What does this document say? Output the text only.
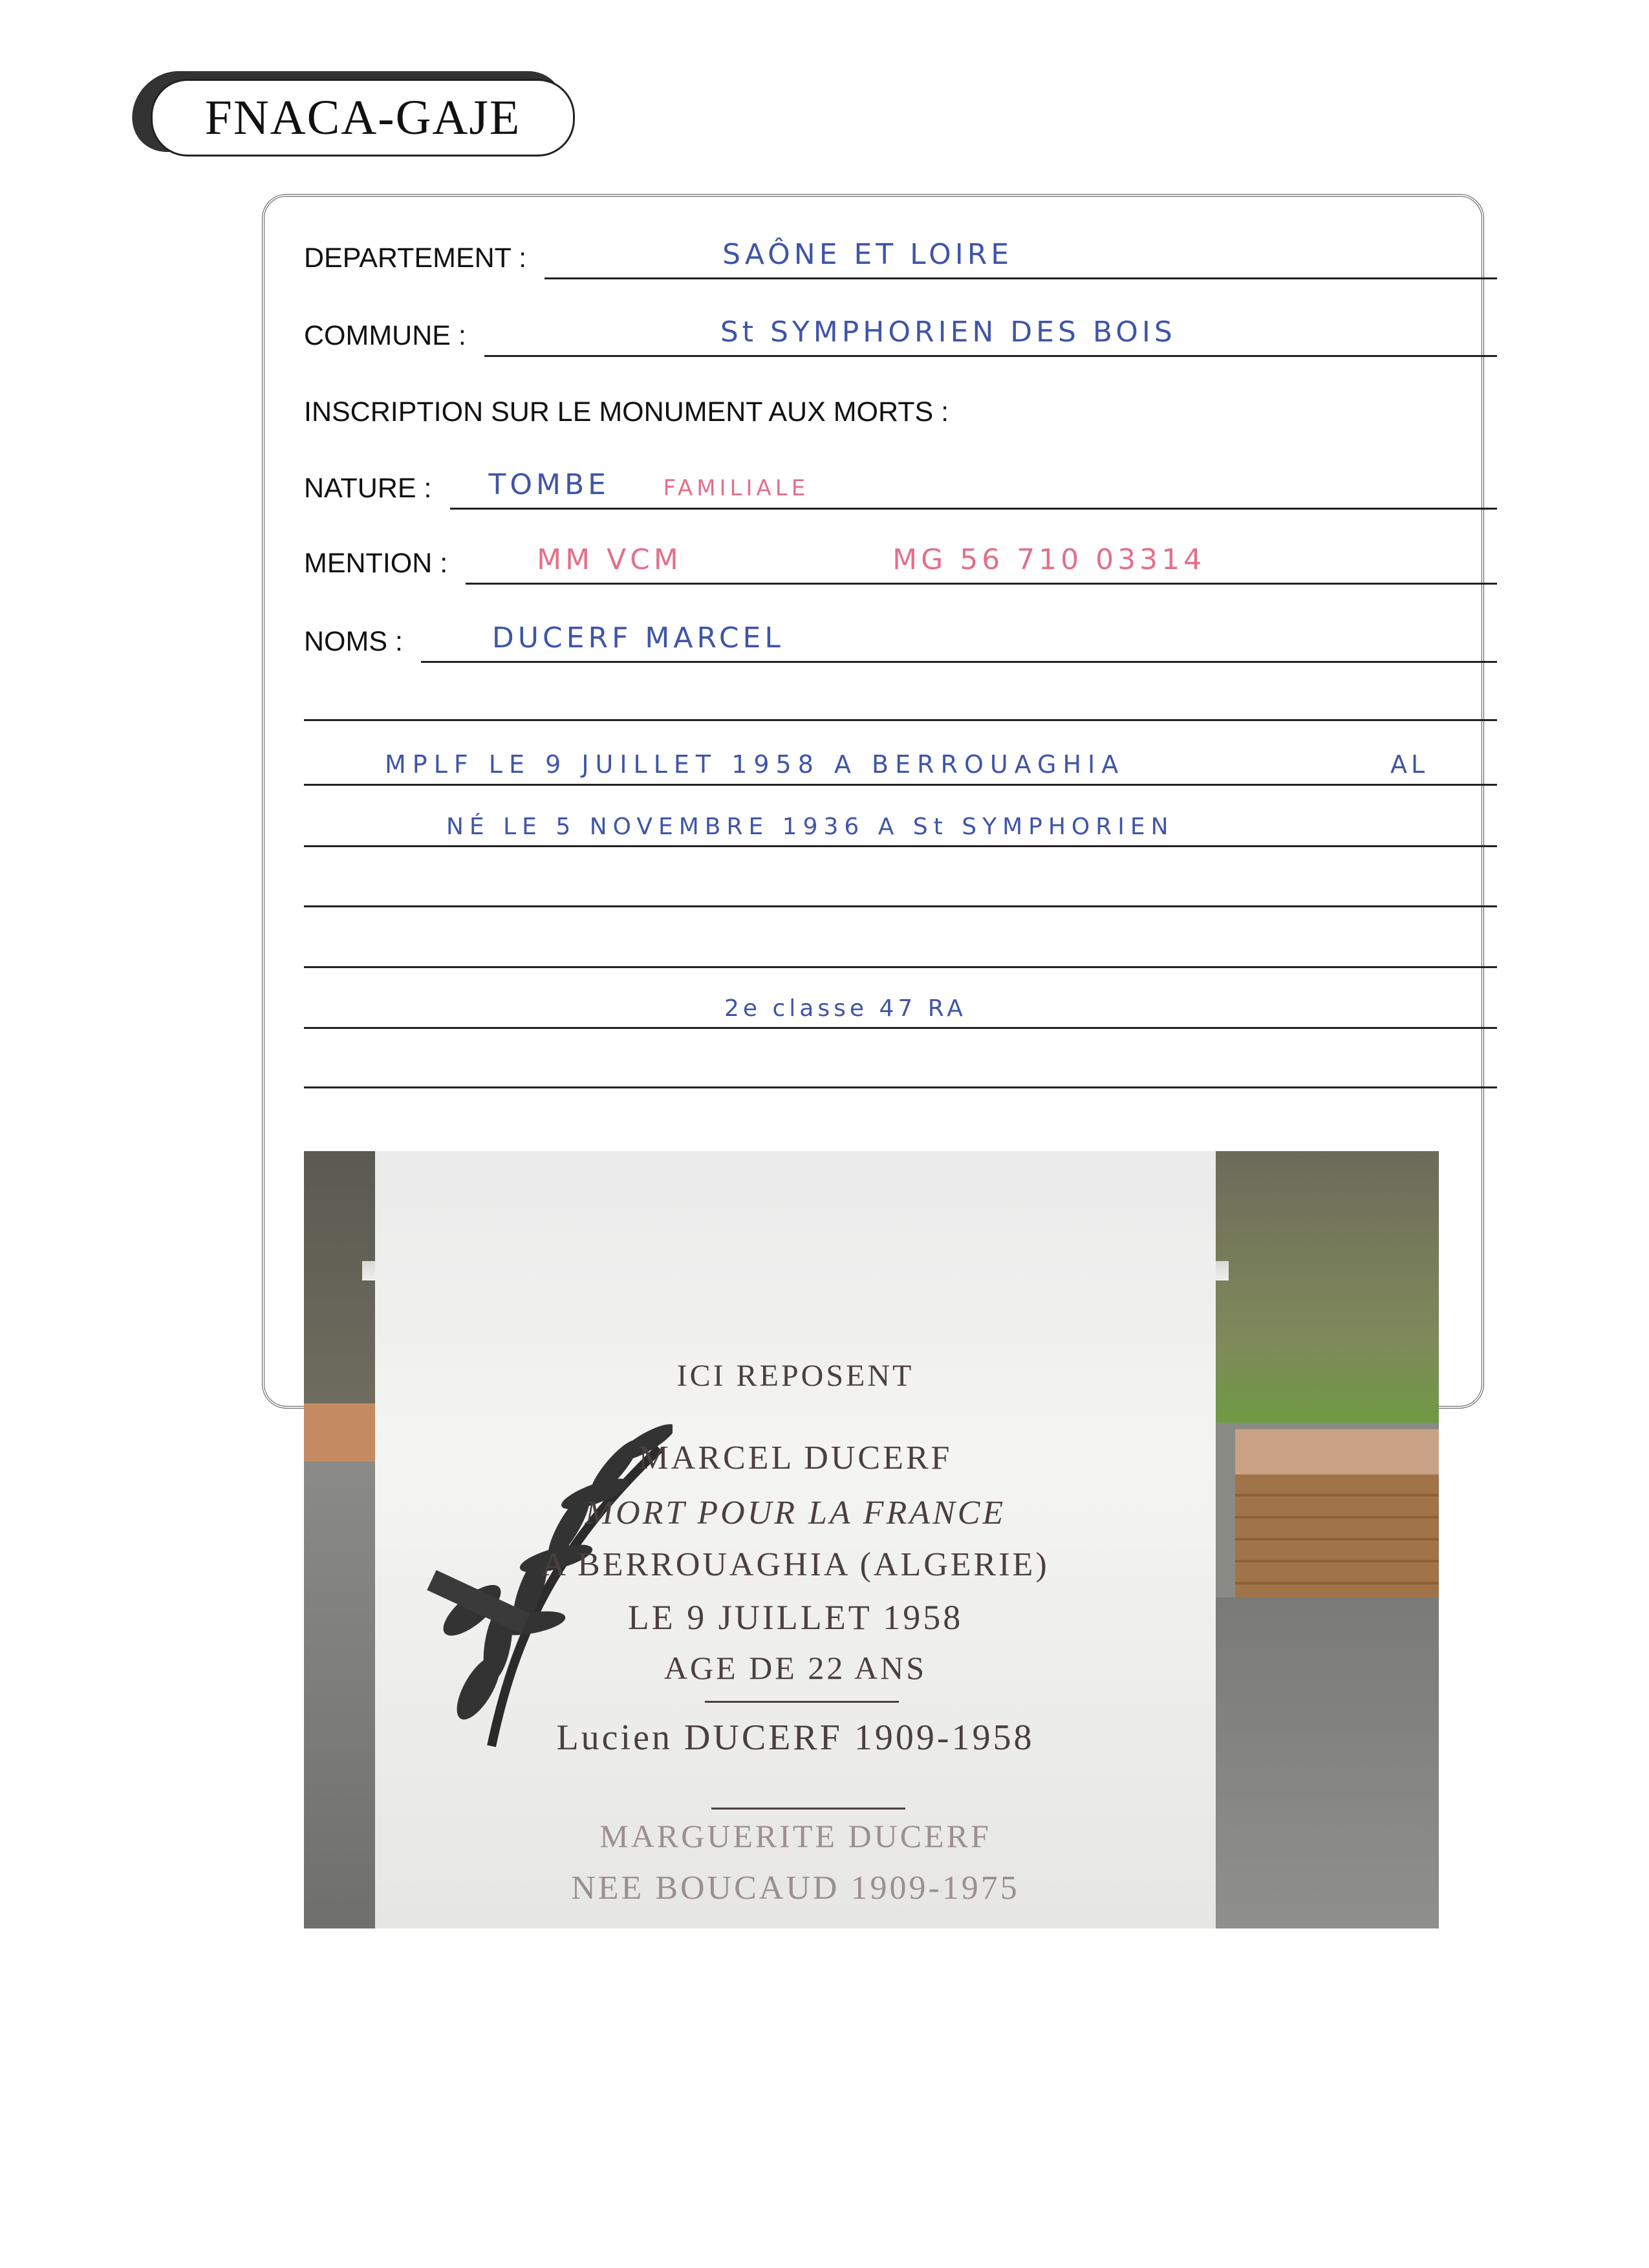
FNACA-GAJE
DEPARTEMENT :	SAÔNE ET LOIRE
COMMUNE :	St SYMPHORIEN DES BOIS
INSCRIPTION SUR LE MONUMENT AUX MORTS :
NATURE : TOMBE FAMILIALE
MENTION :	MM VCM	MG 56 710 03314
NOMS :	DUCERF MARCEL
MPLF LE 9 JUILLET 1958 A BERROUAGHIA	AL
NÉ LE 5 NOVEMBRE 1936 A St SYMPHORIEN
2e classe 47 RA
ICI REPOSENT
MARCEL DUCERF
MORT POUR LA FRANCE
A BERROUAGHIA (ALGERIE)
LE 9 JUILLET 1958
AGE DE 22 ANS
Lucien DUCERF 1909-1958
MARGUERITE DUCERF
NEE BOUCAUD 1909-1975
